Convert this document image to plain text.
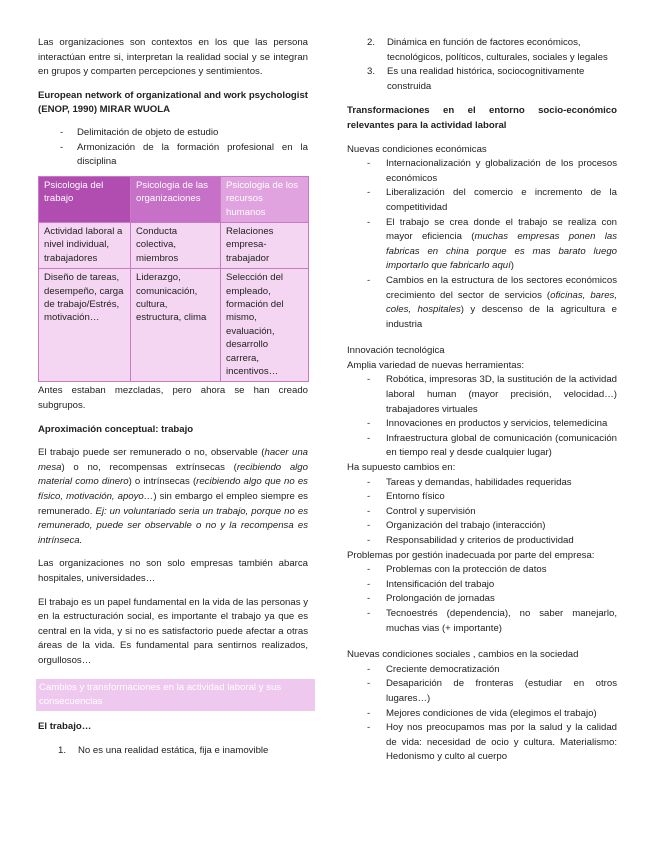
Las organizaciones son contextos en los que las persona interactúan entre si, interpretan la realidad social y se integran en grupos y comparten percepciones y sentimientos.

European network of organizational and work psychologist (ENOP, 1990) MIRAR WUOLA

- Delimitación de objeto de estudio
- Armonización de la formación profesional en la disciplina
Psicologia del trabajo	Psicologia de las organizaciones	Psicologia de los recursos humanos
Actividad laboral a nivel individual, trabajadores	Conducta colectiva, miembros	Relaciones empresa-trabajador
Diseño de tareas, desempeño, carga de trabajo/Estrés, motivación…	Liderazgo, comunicación, cultura, estructura, clima	Selección del empleado, formación del mismo, evaluación, desarrollo carrera, incentivos…

Antes estaban mezcladas, pero ahora se han creado subgrupos.

Aproximación conceptual: trabajo

El trabajo puede ser remunerado o no, observable (hacer una mesa) o no, recompensas extrínsecas (recibiendo algo material como dinero) o intrínsecas (recibiendo algo que no es físico, motivación, apoyo…) sin embargo el empleo siempre es remunerado. Ej: un voluntariado seria un trabajo, porque no es remunerado, puede ser observable o no y la recompensa es intrínseca.

Las organizaciones no son solo empresas también abarca hospitales, universidades…

El trabajo es un papel fundamental en la vida de las personas y en la estructuración social, es importante el trabajo ya que es central en la vida, y si no es satisfactorio puede afectar a otras áreas de la vida. Es fundamental para sentirnos realizados, orgullosos…

Cambios y transformaciones en la actividad laboral y sus consecuencias

El trabajo…

1. No es una realidad estática, fija e inamovible
2. Dinámica en función de factores económicos, tecnológicos, políticos, culturales, sociales y legales
3. Es una realidad histórica, sociocognitivamente construida

Transformaciones en el entorno socio-económico relevantes para la actividad laboral

Nuevas condiciones económicas

- Internacionalización y globalización de los procesos económicos
- Liberalización del comercio e incremento de la competitividad
- El trabajo se crea donde el trabajo se realiza con mayor eficiencia (muchas empresas ponen las fabricas en china porque es mas barato luego importarlo que fabricarlo aquí)
- Cambios en la estructura de los sectores económicos crecimiento del sector de servicios (oficinas, bares, coles, hospitales) y descenso de la agricultura e industria

Innovación tecnológica

Amplia variedad de nuevas herramientas:

- Robótica, impresoras 3D, la sustitución de la actividad laboral human (mayor precisión, velocidad…) trabajadores virtuales
- Innovaciones en productos y servicios, telemedicina
- Infraestructura global de comunicación (comunicación en tiempo real y desde cualquier lugar)

Ha supuesto cambios en:

- Tareas y demandas, habilidades requeridas
- Entorno físico
- Control y supervisión
- Organización del trabajo (interacción)
- Responsabilidad y criterios de productividad

Problemas por gestión inadecuada por parte del empresa:

- Problemas con la protección de datos
- Intensificación del trabajo
- Prolongación de jornadas
- Tecnoestrés (dependencia), no saber manejarlo, muchas vias (+ importante)

Nuevas condiciones sociales , cambios en la sociedad

- Creciente democratización
- Desaparición de fronteras (estudiar en otros lugares…)
- Mejores condiciones de vida (elegimos el trabajo)
- Hoy nos preocupamos mas por la salud y la calidad de vida: necesidad de ocio y cultura. Materialismo: Hedonismo y culto al cuerpo
